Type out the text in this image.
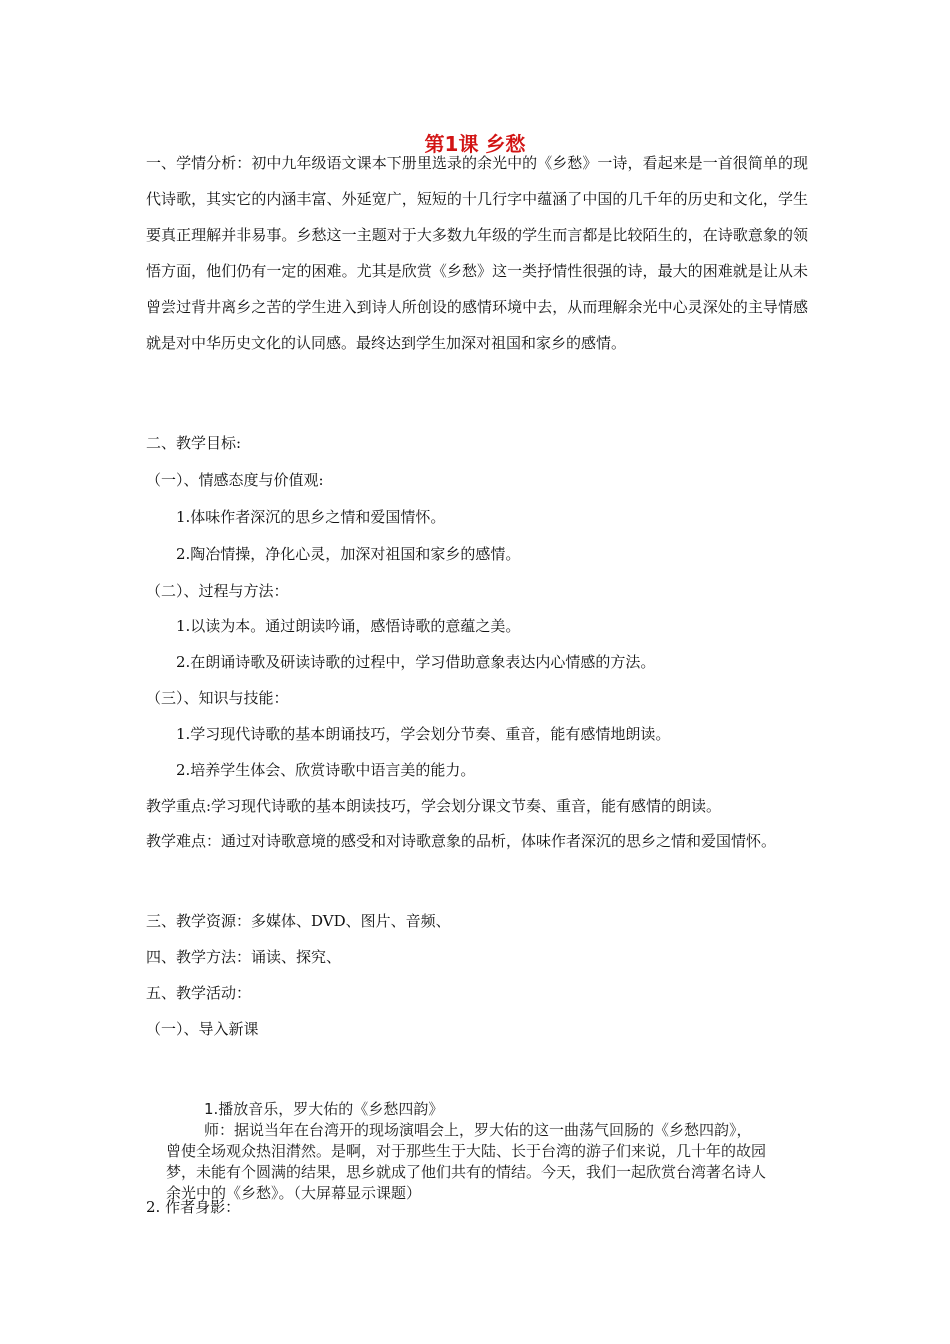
第1课 乡愁
一、学情分析：初中九年级语文课本下册里选录的余光中的《乡愁》一诗，看起来是一首很简单的现代诗歌，其实它的内涵丰富、外延宽广，短短的十几行字中蕴涵了中国的几千年的历史和文化，学生要真正理解并非易事。乡愁这一主题对于大多数九年级的学生而言都是比较陌生的，在诗歌意象的领悟方面，他们仍有一定的困难。尤其是欣赏《乡愁》这一类抒情性很强的诗，最大的困难就是让从未曾尝过背井离乡之苦的学生进入到诗人所创设的感情环境中去，从而理解余光中心灵深处的主导情感就是对中华历史文化的认同感。最终达到学生加深对祖国和家乡的感情。
二、教学目标:
（一）、情感态度与价值观:
1.体味作者深沉的思乡之情和爱国情怀。
2.陶冶情操，净化心灵，加深对祖国和家乡的感情。
（二）、过程与方法：
1.以读为本。通过朗读吟诵，感悟诗歌的意蕴之美。
2.在朗诵诗歌及研读诗歌的过程中，学习借助意象表达内心情感的方法。
（三）、知识与技能：
1.学习现代诗歌的基本朗诵技巧，学会划分节奏、重音，能有感情地朗读。
2.培养学生体会、欣赏诗歌中语言美的能力。
教学重点:学习现代诗歌的基本朗读技巧，学会划分课文节奏、重音，能有感情的朗读。
教学难点：通过对诗歌意境的感受和对诗歌意象的品析，体味作者深沉的思乡之情和爱国情怀。
三、教学资源：多媒体、DVD、图片、音频、
四、教学方法：诵读、探究、
五、教学活动：
（一）、导入新课
1.播放音乐，罗大佑的《乡愁四韵》
师：据说当年在台湾开的现场演唱会上，罗大佑的这一曲荡气回肠的《乡愁四韵》，曾使全场观众热泪潸然。是啊，对于那些生于大陆、长于台湾的游子们来说，几十年的故园梦，未能有个圆满的结果，思乡就成了他们共有的情结。今天，我们一起欣赏台湾著名诗人余光中的《乡愁》。（大屏幕显示课题）
2. 作者身影：
